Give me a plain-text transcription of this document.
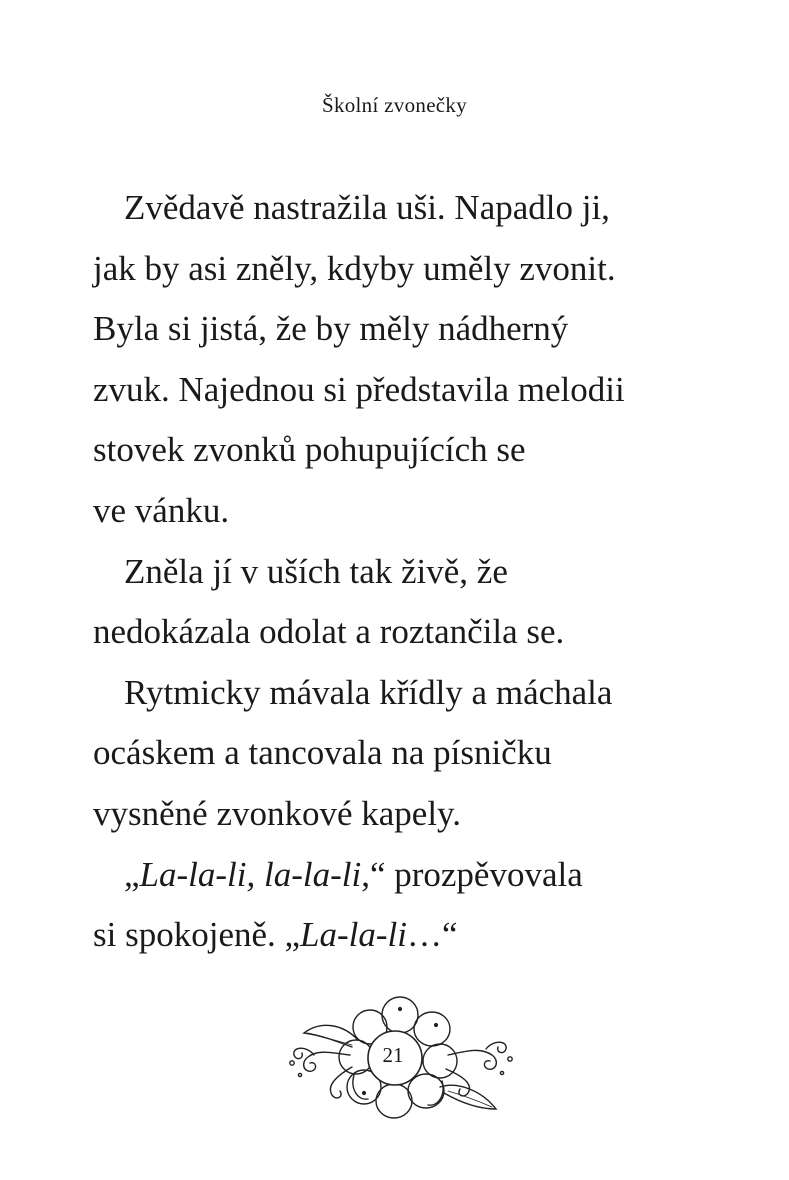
Školní zvonečky

Zvědavě nastražila uši. Napadlo ji,
jak by asi zněly, kdyby uměly zvonit.
Byla si jistá, že by měly nádherný
zvuk. Najednou si představila melodii
stovek zvonků pohupujících se
ve vánku.

Zněla jí v uších tak živě, že
nedokázala odolat a roztančila se.

Rytmicky mávala křídly a máchala
ocáskem a tancovala na písničku
vysněné zvonkové kapely.

„La-la-li, la-la-li,“ prozpěvovala
si spokojeně. „La-la-li…“

21
